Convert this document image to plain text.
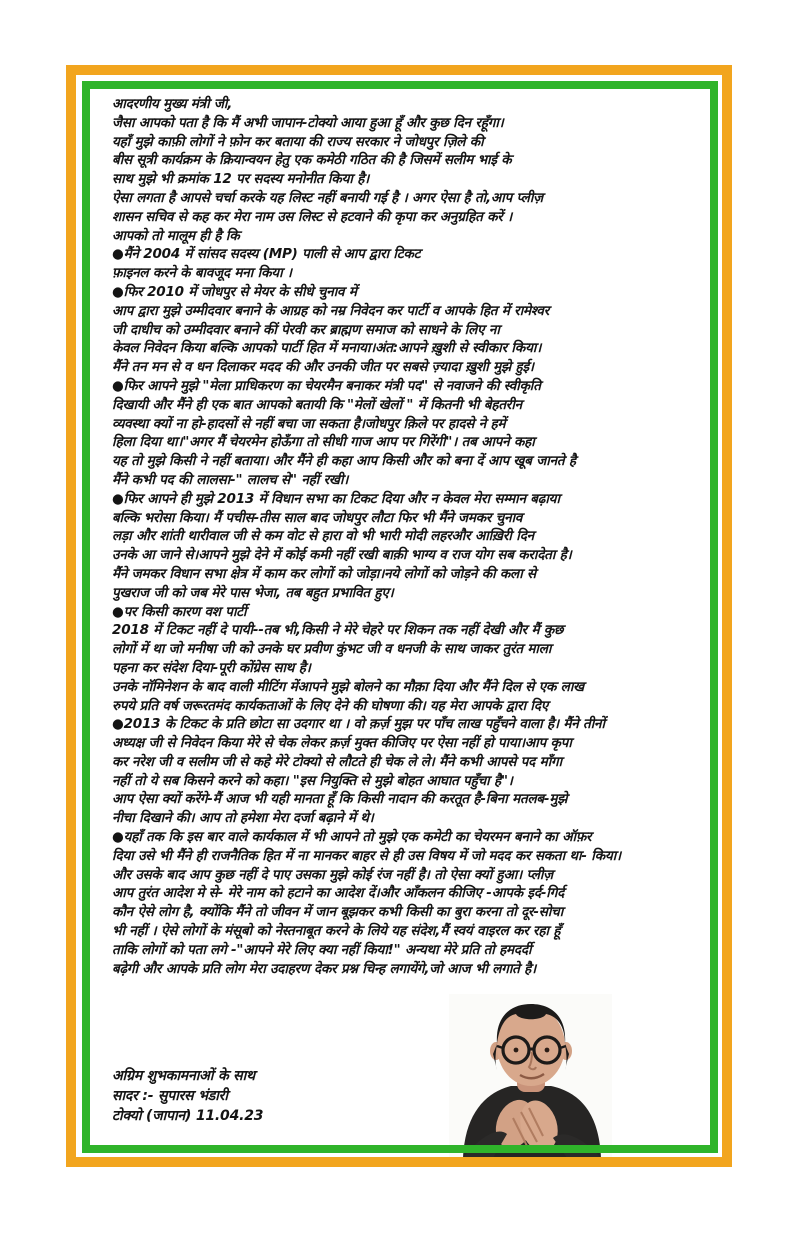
आदरणीय मुख्य मंत्री जी,
जैसा आपको पता है कि मैं अभी जापान-टोक्यो आया हुआ हूँ और कुछ दिन रहूँगा।
यहाँ मुझे काफ़ी लोगों ने फ़ोन कर बताया की राज्य सरकार ने जोधपुर ज़िले की
बीस सूत्री कार्यक्रम के क्रियान्वयन हेतु एक कमेठी गठित की है जिसमें सलीम भाई के
साथ मुझे भी क्रमांक 12 पर सदस्य मनोनीत किया है।
ऐसा लगता है आपसे चर्चा करके यह लिस्ट नहीं बनायी गई है । अगर ऐसा है तो,आप प्लीज़
शासन सचिव से कह कर मेरा नाम उस लिस्ट से हटवाने की कृपा कर अनुग्रहित करें ।
आपको तो मालूम ही है कि
●मैंने 2004 में सांसद सदस्य (MP) पाली से आप द्वारा टिकट
फ़ाइनल करने के बावजूद मना किया ।
●फिर 2010 में जोधपुर से मेयर के सीधे चुनाव में
आप द्वारा मुझे उम्मीदवार बनाने के आग्रह को नम्र निवेदन कर पार्टी व आपके हित में रामेश्वर
जी दाधीच को उम्मीदवार बनाने कीं पेरवी कर ब्राह्मण समाज को साधने के लिए ना
केवल निवेदन किया बल्कि आपको पार्टी हित में मनाया।अंत:आपने ख़ुशी से स्वीकार किया।
मैंने तन मन से व धन दिलाकर मदद की और उनकी जीत पर सबसे ज़्यादा ख़ुशी मुझे हुई।
●फिर आपने मुझे "मेला प्राधिकरण का चेयरमैन बनाकर मंत्री पद" से नवाजने की स्वीकृति
दिखायी और मैंने ही एक बात आपको बतायी कि "मेलों खेलों " में कितनी भी बेहतरीन
व्यवस्था क्यों ना हो-हादसों से नहीं बचा जा सकता है।जोधपुर क़िले पर हादसे ने हमें
हिला दिया था।"अगर मैं चेयरमेन होऊँगा तो सीधी गाज आप पर गिरेंगी"। तब आपने कहा
यह तो मुझे किसी ने नहीं बताया। और मैंने ही कहा आप किसी और को बना दें आप खूब जानते है
मैंने कभी पद की लालसा-" लालच से" नहीं रखी।
●फिर आपने ही मुझे 2013 में विधान सभा का टिकट दिया और न केवल मेरा सम्मान बढ़ाया
बल्कि भरोसा किया। मैं पचीस-तीस साल बाद जोधपुर लौटा फिर भी मैंने जमकर चुनाव
लड़ा और शांती थारीवाल जी से कम वोट से हारा वो भी भारी मोदी लहरऔर आख़िरी दिन
उनके आ जाने से।आपने मुझे देने में कोई कमी नहीं रखी बाक़ी भाग्य व राज योग सब करादेता है।
मैंने जमकर विधान सभा क्षेत्र में काम कर लोगों को जोड़ा।नये लोगों को जोड़ने की कला से
पुखराज जी को जब मेरे पास भेजा, तब बहुत प्रभावित हुए।
●पर किसी कारण वश पार्टी
2018 में टिकट नहीं दे पायी--तब भी,किसी ने मेरे चेहरे पर शिकन तक नहीं देखी और मैं कुछ
लोगों में था जो मनीषा जी को उनके घर प्रवीण कुंभट जी व धनजी के साथ जाकर तुरंत माला
पहना कर संदेश दिया-पूरी कोंग्रेस साथ है।
उनके नॉमिनेशन के बाद वाली मीटिंग मेंआपने मुझे बोलने का मौक़ा दिया और मैंने दिल से एक लाख
रुपये प्रति वर्ष जरूरतमंद कार्यकताओं के लिए देने की घोषणा की। यह मेरा आपके द्वारा दिए
●2013 के टिकट के प्रति छोटा सा उदगार था । वो क़र्ज़ मुझ पर पाँच लाख पहुँचने वाला है। मैंने तीनों
अध्यक्ष जी से निवेदन किया मेरे से चेक लेकर क़र्ज़ मुक्त कीजिए पर ऐसा नहीं हो पाया।आप कृपा
कर नरेश जी व सलीम जी से कहे मेरे टोक्यो से लौटते ही चेक ले ले। मैंने कभी आपसे पद माँगा
नहीं तो ये सब किसने करने को कहा। "इस नियुक्ति से मुझे बोहत आघात पहुँचा है"।
आप ऐसा क्यों करेंगे-मैं आज भी यही मानता हूँ कि किसी नादान की करतूत है-बिना मतलब-मुझे
नीचा दिखाने की। आप तो हमेशा मेरा दर्जा बढ़ाने में थे।
●यहाँ तक कि इस बार वाले कार्यकाल में भी आपने तो मुझे एक कमेटी का चेयरमन बनाने का ऑफ़र
दिया उसे भी मैंने ही राजनैतिक हित में ना मानकर बाहर से ही उस विषय में जो मदद कर सकता था- किया।
और उसके बाद आप कुछ नहीं दे पाए उसका मुझे कोई रंज नहीं है। तो ऐसा क्यों हुआ। प्लीज़
आप तुरंत आदेश मे से- मेरे नाम को हटाने का आदेश दें।और आँकलन कीजिए -आपके इर्द-गिर्द
कौन ऐसे लोग है, क्योंकि मैंने तो जीवन में जान बूझकर कभी किसी का बुरा करना तो दूर-सोचा
भी नहीं । ऐसे लोगों के मंसूबो को नेस्तनाबूत करने के लिये यह संदेश,मैं स्वयं वाइरल कर रहा हूँ
ताकि लोगों को पता लगे -"आपने मेरे लिए क्या नहीं किया!" अन्यथा मेरे प्रति तो हमदर्दी
बढ़ेगी और आपके प्रति लोग मेरा उदाहरण देकर प्रश्न चिन्ह लगायेंगे,जो आज भी लगाते है।
अग्रिम शुभकामनाओं के साथ
सादर :- सुपारस भंडारी
टोक्यो (जापान) 11.04.23
